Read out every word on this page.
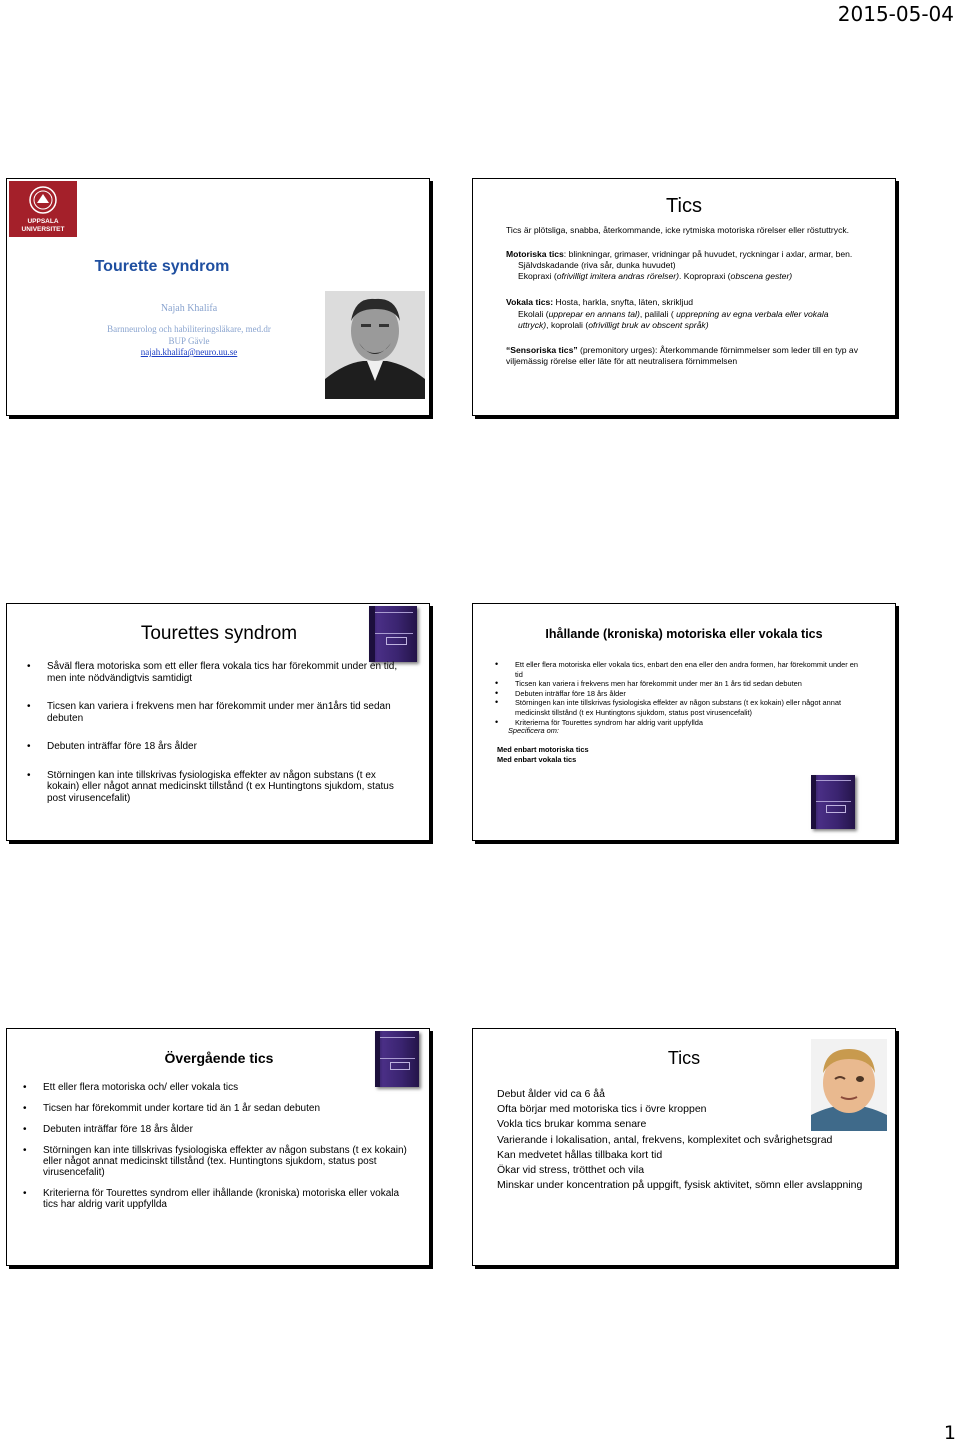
2015-05-04
UPPSALA
UNIVERSITET
Tourette syndrom
Najah Khalifa
Barnneurolog och habiliteringsläkare, med.dr
BUP Gävle
najah.khalifa@neuro.uu.se
Tics
Tics är plötsliga, snabba, återkommande, icke rytmiska motoriska rörelser eller röstuttryck.
Motoriska tics: blinkningar, grimaser, vridningar på huvudet, ryckningar i axlar, armar, ben.
Självdskadande (riva sår, dunka huvudet)
Ekopraxi (ofrivilligt imitera andras rörelser). Kopropraxi (obscena gester)
Vokala tics: Hosta, harkla, snyfta, läten, skrikljud
Ekolali (upprepar en annans tal), palilali ( upprepning av egna verbala eller vokala uttryck), koprolali (ofrivilligt bruk av obscent språk)
“Sensoriska tics” (premonitory urges): Återkommande förnimmelser som leder till en typ av viljemässig rörelse eller läte för att neutralisera förnimmelsen
Tourettes syndrom
• Såväl flera motoriska som ett eller flera vokala tics har förekommit under en tid, men inte nödvändigtvis samtidigt
• Ticsen kan variera i frekvens men har förekommit under mer än1års tid sedan debuten
• Debuten inträffar före 18 års ålder
• Störningen kan inte tillskrivas fysiologiska effekter av någon substans (t ex kokain) eller något annat medicinskt tillstånd (t ex Huntingtons sjukdom, status post virusencefalit)
Ihållande (kroniska) motoriska eller vokala tics
• Ett eller flera motoriska eller vokala tics, enbart den ena eller den andra formen, har förekommit under en tid
• Ticsen kan variera i frekvens men har förekommit under mer än 1 års tid sedan debuten
• Debuten inträffar före 18 års ålder
• Störningen kan inte tillskrivas fysiologiska effekter av någon substans (t ex kokain) eller något annat medicinskt tillstånd (t ex Huntingtons sjukdom, status post virusencefalit)
• Kriterierna för Tourettes syndrom har aldrig varit uppfyllda
Specificera om:
Med enbart motoriska tics
Med enbart vokala tics
Övergående tics
• Ett eller flera motoriska och/ eller vokala tics
• Ticsen har förekommit under kortare tid än 1 år sedan debuten
• Debuten inträffar före 18 års ålder
• Störningen kan inte tillskrivas fysiologiska effekter av någon substans (t ex kokain) eller något annat medicinskt tillstånd (tex. Huntingtons sjukdom, status post virusencefalit)
• Kriterierna för Tourettes syndrom eller ihållande (kroniska) motoriska eller vokala tics har aldrig varit uppfyllda
Tics
Debut ålder vid ca 6 åå
Ofta börjar med motoriska tics i övre kroppen
Vokla tics brukar komma senare
Varierande i lokalisation, antal, frekvens, komplexitet och svårighetsgrad
Kan medvetet hållas tillbaka kort tid
Ökar vid stress, trötthet och vila
Minskar under koncentration på uppgift, fysisk aktivitet, sömn eller avslappning
1
